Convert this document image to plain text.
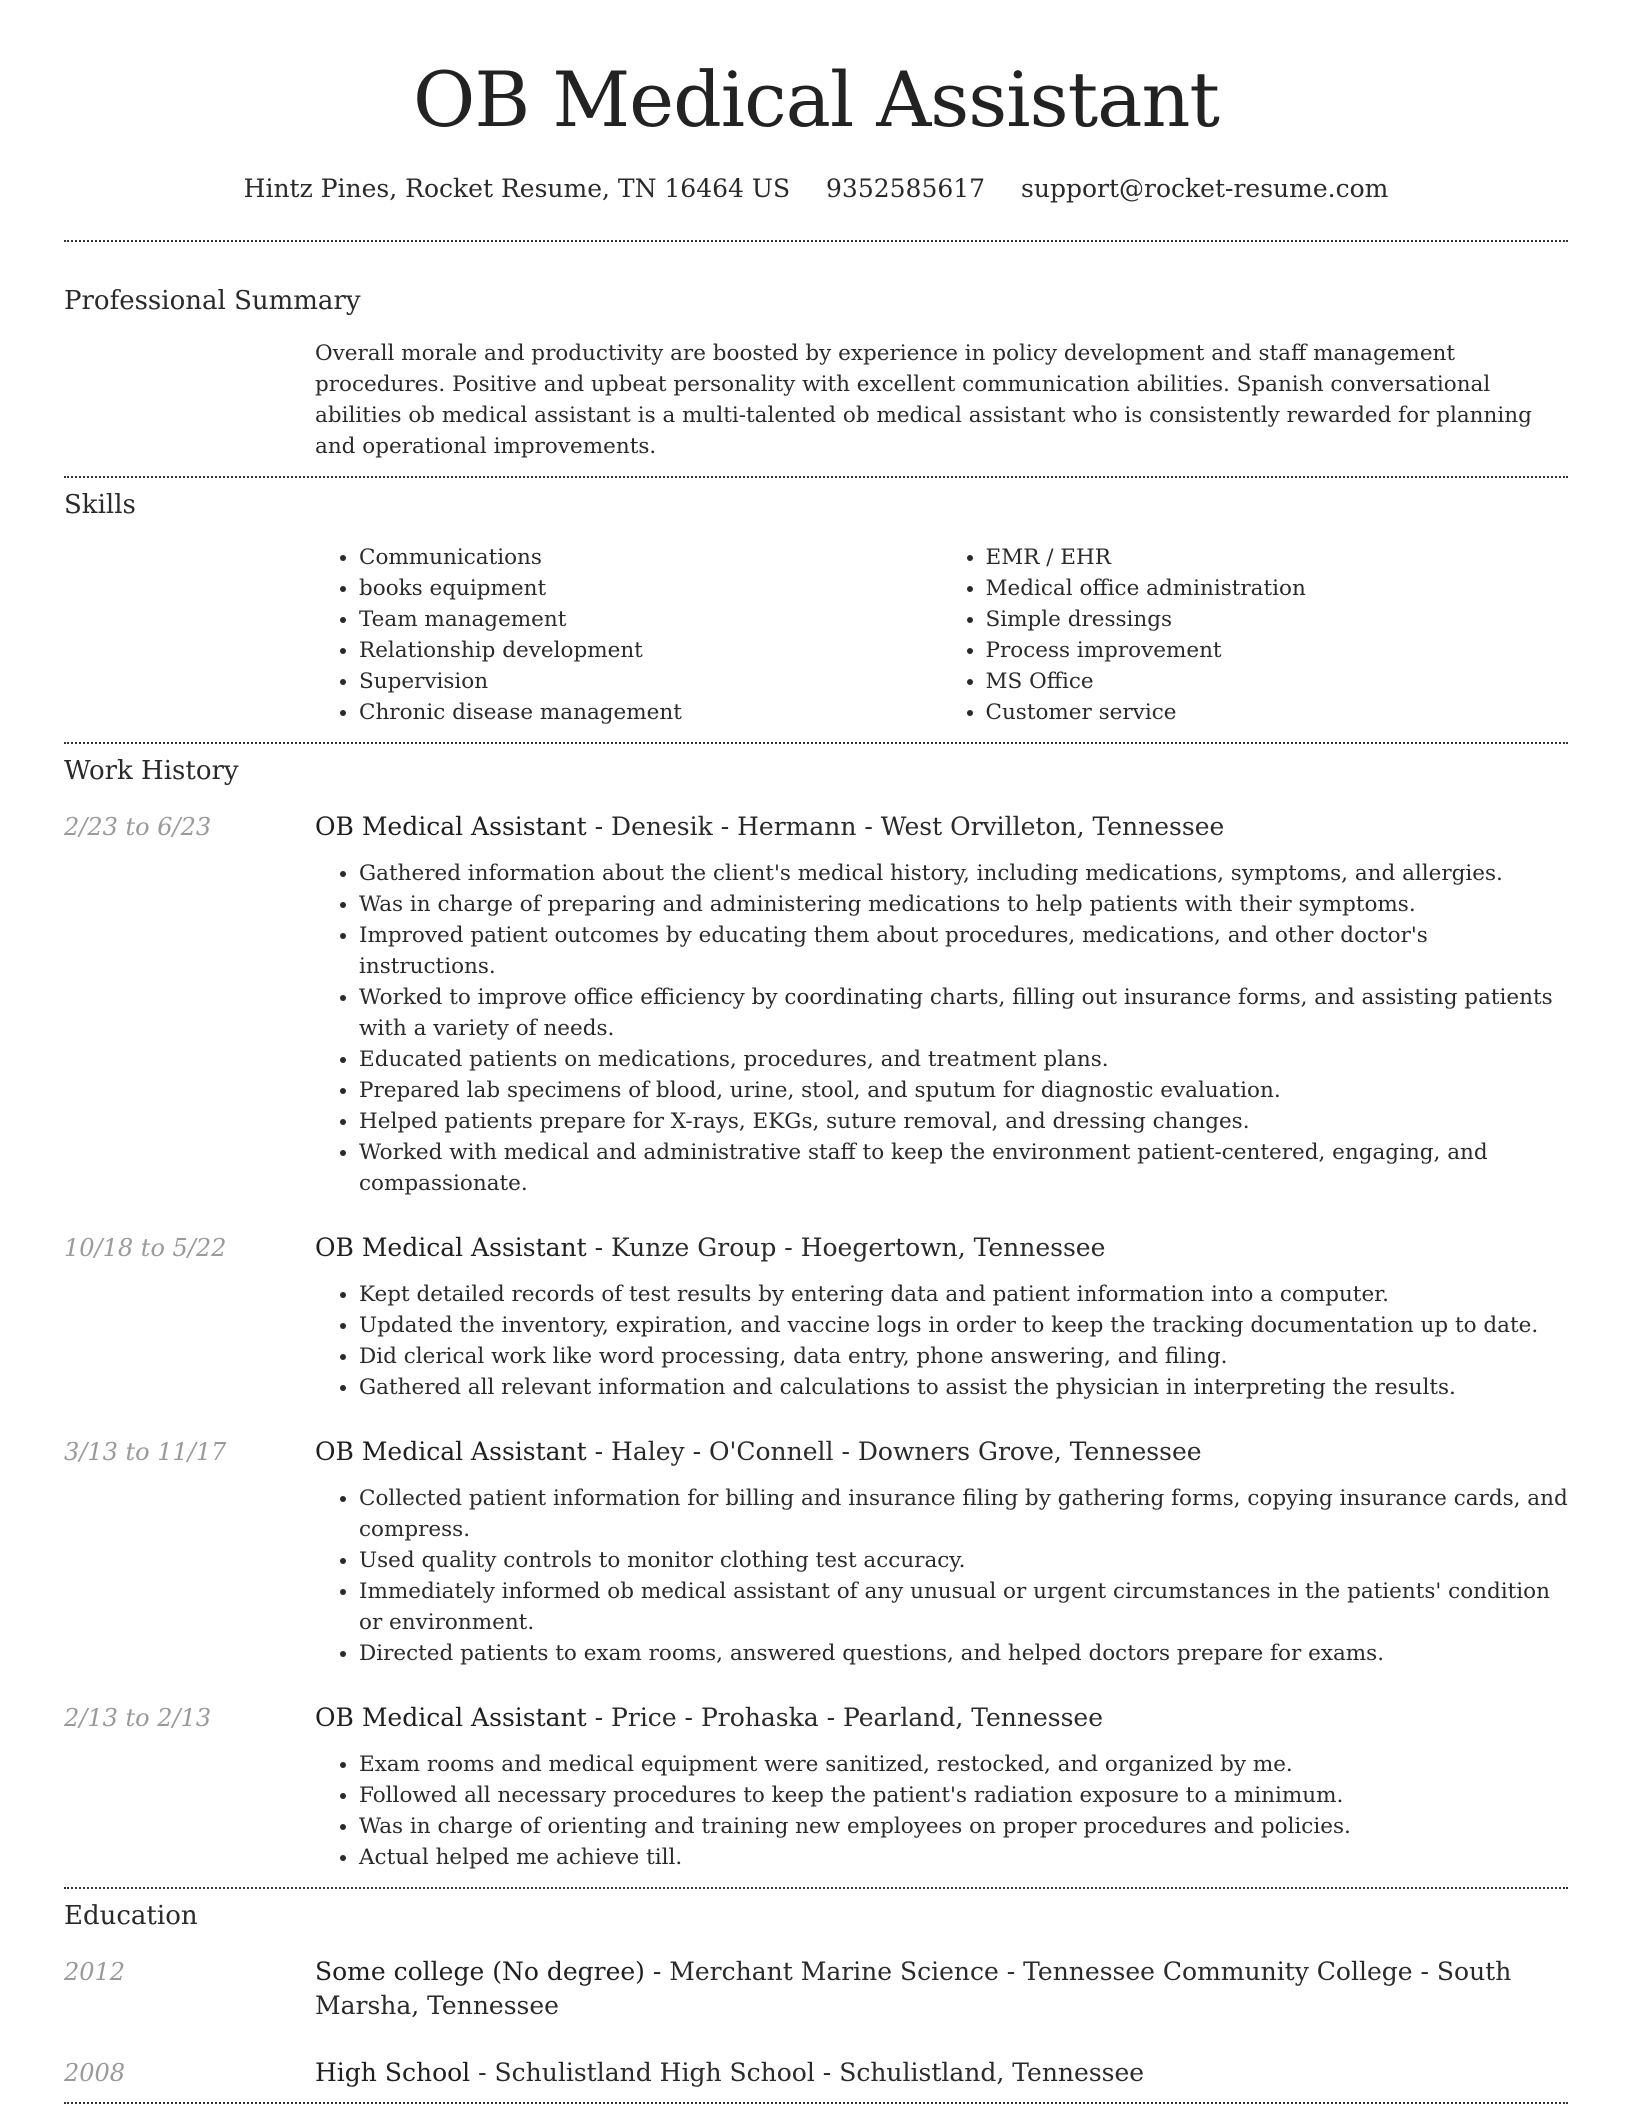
OB Medical Assistant
Hintz Pines, Rocket Resume, TN 16464 US 9352585617 support@rocket-resume.com
Professional Summary
Overall morale and productivity are boosted by experience in policy development and staff management procedures. Positive and upbeat personality with excellent communication abilities. Spanish conversational abilities ob medical assistant is a multi-talented ob medical assistant who is consistently rewarded for planning and operational improvements.
Skills
• Communications
• books equipment
• Team management
• Relationship development
• Supervision
• Chronic disease management
• EMR / EHR
• Medical office administration
• Simple dressings
• Process improvement
• MS Office
• Customer service
Work History
2/23 to 6/23	OB Medical Assistant - Denesik - Hermann - West Orvilleton, Tennessee
• Gathered information about the client's medical history, including medications, symptoms, and allergies.
• Was in charge of preparing and administering medications to help patients with their symptoms.
• Improved patient outcomes by educating them about procedures, medications, and other doctor's instructions.
• Worked to improve office efficiency by coordinating charts, filling out insurance forms, and assisting patients with a variety of needs.
• Educated patients on medications, procedures, and treatment plans.
• Prepared lab specimens of blood, urine, stool, and sputum for diagnostic evaluation.
• Helped patients prepare for X-rays, EKGs, suture removal, and dressing changes.
• Worked with medical and administrative staff to keep the environment patient-centered, engaging, and compassionate.
10/18 to 5/22	OB Medical Assistant - Kunze Group - Hoegertown, Tennessee
• Kept detailed records of test results by entering data and patient information into a computer.
• Updated the inventory, expiration, and vaccine logs in order to keep the tracking documentation up to date.
• Did clerical work like word processing, data entry, phone answering, and filing.
• Gathered all relevant information and calculations to assist the physician in interpreting the results.
3/13 to 11/17	OB Medical Assistant - Haley - O'Connell - Downers Grove, Tennessee
• Collected patient information for billing and insurance filing by gathering forms, copying insurance cards, and compress.
• Used quality controls to monitor clothing test accuracy.
• Immediately informed ob medical assistant of any unusual or urgent circumstances in the patients' condition or environment.
• Directed patients to exam rooms, answered questions, and helped doctors prepare for exams.
2/13 to 2/13	OB Medical Assistant - Price - Prohaska - Pearland, Tennessee
• Exam rooms and medical equipment were sanitized, restocked, and organized by me.
• Followed all necessary procedures to keep the patient's radiation exposure to a minimum.
• Was in charge of orienting and training new employees on proper procedures and policies.
• Actual helped me achieve till.
Education
2012	Some college (No degree) - Merchant Marine Science - Tennessee Community College - South Marsha, Tennessee
2008	High School - Schulistland High School - Schulistland, Tennessee
